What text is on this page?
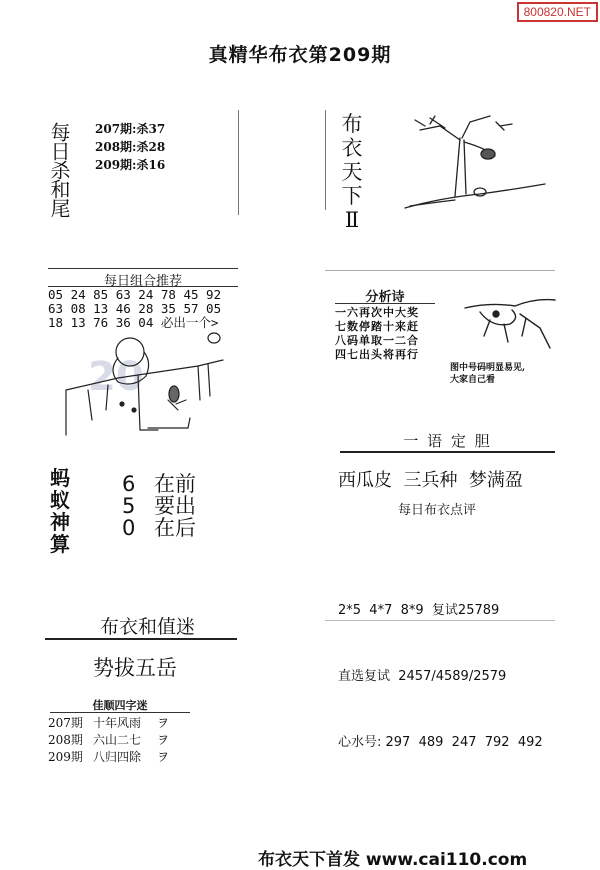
800820.NET
真精华布衣第209期
每日杀和尾 207期:杀37
208期:杀28
209期:杀16
布
衣
天
下
Ⅱ
每日组合推荐
05 24 85 63 24 78 45 92
63 08 13 46 28 35 57 05
18 13 76 36 04 必出一个>
2​0
分析诗
一六再次中大奖
七数停踏十来赶
八码单取一二合
四七出头将再行
图中号码明显易见,
大家自己看
一 语 定 胆
西瓜皮  三兵种  梦满盈
每日布衣点评
蚂
蚁
神
算
6 在前
5 要出
0 在后

2*5  4*7  8*9  复试25789

直选复试  2457/4589/2579

心水号: 297  489  247  792  492

布衣和值迷
势拔五岳
佳顺四字迷
207期 十年风雨 ヲ
208期 六山二七 ヲ
209期 八归四除 ヲ
布衣天下首发 www.cai110.com
